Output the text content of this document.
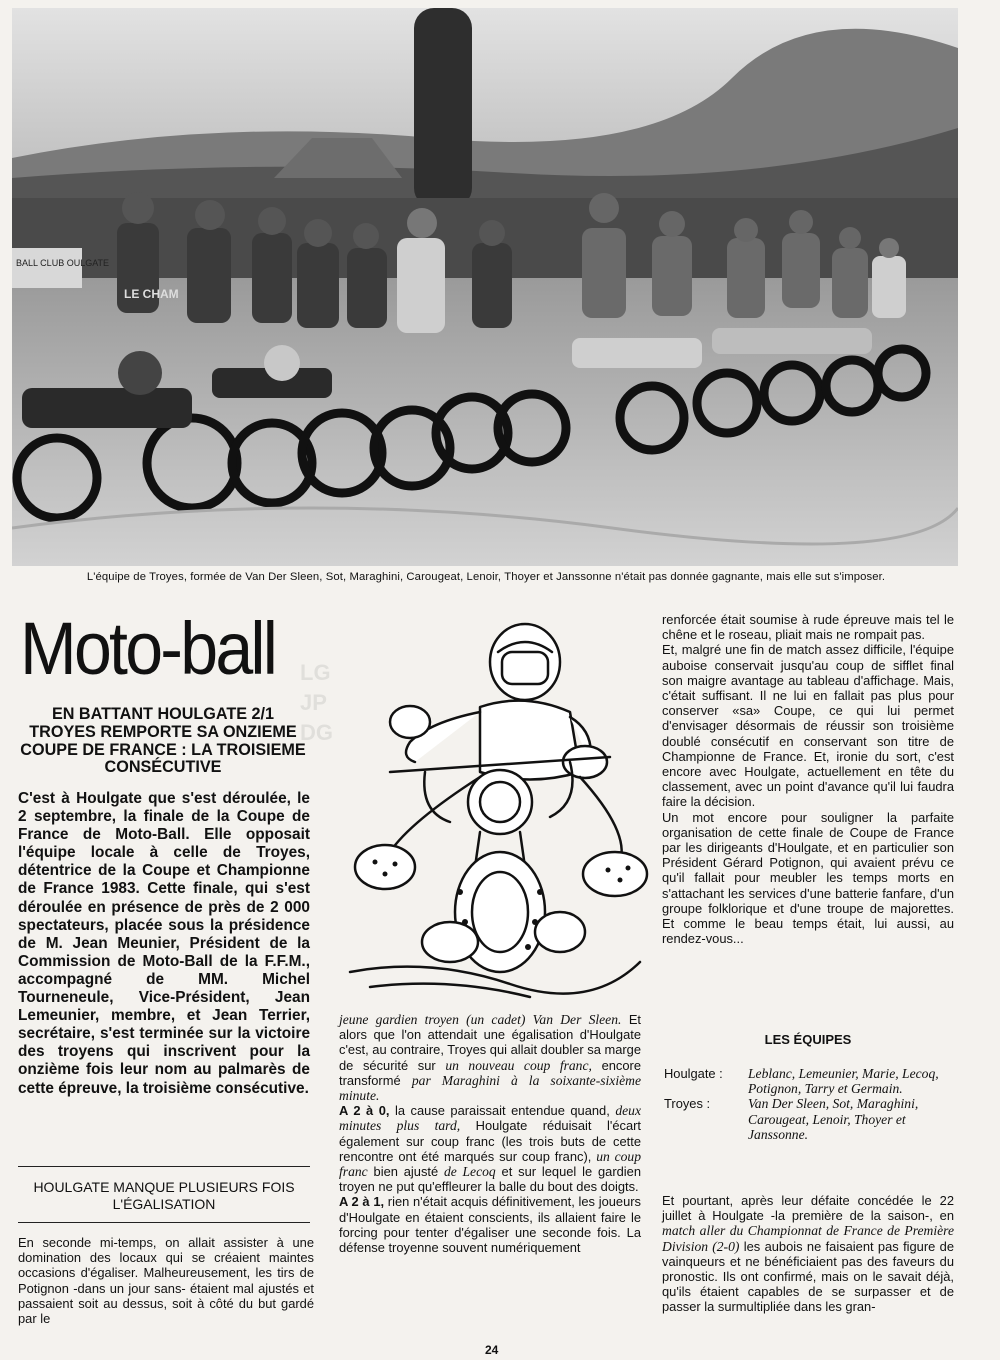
BALL CLUB OULGATE
LE CHAM
L'équipe de Troyes, formée de Van Der Sleen, Sot, Maraghini, Carougeat, Lenoir, Thoyer et Janssonne n'était pas donnée gagnante, mais elle sut s'imposer.
LG
JP
DG
Moto-ball
EN BATTANT HOULGATE 2/1 TROYES REMPORTE SA ONZIEME COUPE DE FRANCE : LA TROISIEME CONSÉCUTIVE
C'est à Houlgate que s'est déroulée, le 2 septembre, la finale de la Coupe de France de Moto-Ball. Elle opposait l'équipe locale à celle de Troyes, détentrice de la Coupe et Championne de France 1983. Cette finale, qui s'est déroulée en présence de près de 2 000 spectateurs, placée sous la présidence de M. Jean Meunier, Président de la Commission de Moto-Ball de la F.F.M., accompagné de MM. Michel Tourneneule, Vice-Président, Jean Lemeunier, membre, et Jean Terrier, secrétaire, s'est terminée sur la victoire des troyens qui inscrivent pour la onzième fois leur nom au palmarès de cette épreuve, la troisième consécutive.
HOULGATE MANQUE PLUSIEURS FOIS L'ÉGALISATION

En seconde mi-temps, on allait assister à une domination des locaux qui se créaient maintes occasions d'égaliser. Malheureusement, les tirs de Potignon -dans un jour sans- étaient mal ajustés et passaient soit au dessus, soit à côté du but gardé par le

jeune gardien troyen (un cadet) Van Der Sleen. Et alors que l'on attendait une égalisation d'Houlgate c'est, au contraire, Troyes qui allait doubler sa marge de sécurité sur un nouveau coup franc, encore transformé par Maraghini à la soixante-sixième minute.

A 2 à 0, la cause paraissait entendue quand, deux minutes plus tard, Houlgate réduisait l'écart également sur coup franc (les trois buts de cette rencontre ont été marqués sur coup franc), un coup franc bien ajusté de Lecoq et sur lequel le gardien troyen ne put qu'effleurer la balle du bout des doigts.

A 2 à 1, rien n'était acquis définitivement, les joueurs d'Houlgate en étaient conscients, ils allaient faire le forcing pour tenter d'égaliser une seconde fois. La défense troyenne souvent numériquement

renforcée était soumise à rude épreuve mais tel le chêne et le roseau, pliait mais ne rompait pas.

Et, malgré une fin de match assez difficile, l'équipe auboise conservait jusqu'au coup de sifflet final son maigre avantage au tableau d'affichage. Mais, c'était suffisant. Il ne lui en fallait pas plus pour conserver «sa» Coupe, ce qui lui permet d'envisager désormais de réussir son troisième doublé consécutif en conservant son titre de Championne de France. Et, ironie du sort, c'est encore avec Houlgate, actuellement en tête du classement, avec un point d'avance qu'il lui faudra faire la décision.

Un mot encore pour souligner la parfaite organisation de cette finale de Coupe de France par les dirigeants d'Houlgate, et en particulier son Président Gérard Potignon, qui avaient prévu ce qu'il fallait pour meubler les temps morts en s'attachant les services d'une batterie fanfare, d'un groupe folklorique et d'une troupe de majorettes. Et comme le beau temps était, lui aussi, au rendez-vous...

LES ÉQUIPES
Houlgate :	Leblanc, Lemeunier, Marie, Lecoq, Potignon, Tarry et Germain.
Troyes :	Van Der Sleen, Sot, Maraghini, Carougeat, Lenoir, Thoyer et Janssonne.

Et pourtant, après leur défaite concédée le 22 juillet à Houlgate -la première de la saison-, en match aller du Championnat de France de Première Division (2-0) les aubois ne faisaient pas figure de vainqueurs et ne bénéficiaient pas des faveurs du pronostic. Ils ont confirmé, mais on le savait déjà, qu'ils étaient capables de se surpasser et de passer la surmultipliée dans les gran-

24
